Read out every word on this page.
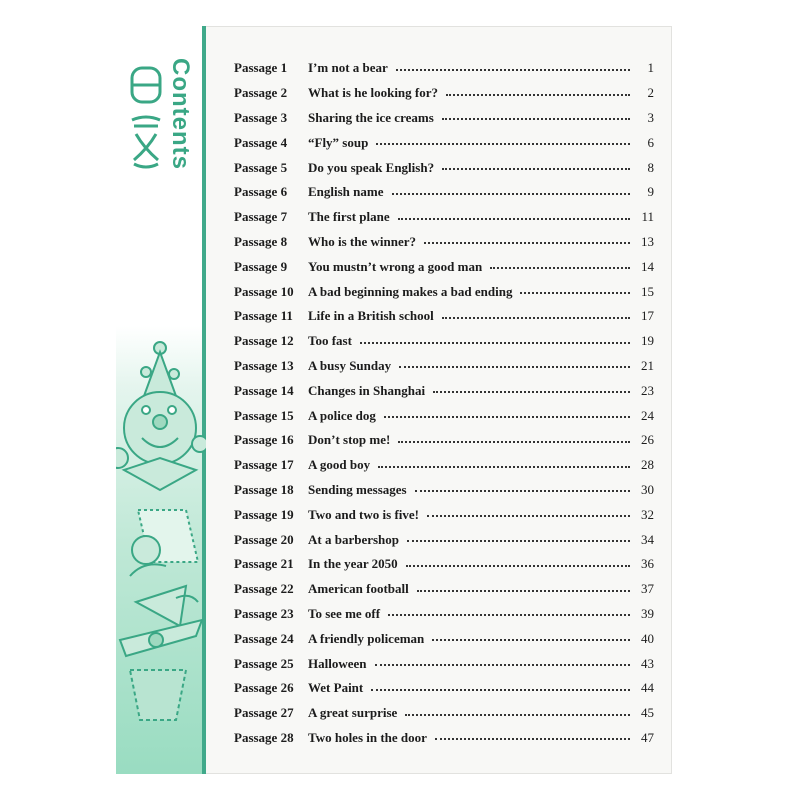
Contents	Passage 1	I’m not a bear	1
Passage 2	What is he looking for?	2
Passage 3	Sharing the ice creams	3
Passage 4	“Fly” soup	6
Passage 5	Do you speak English?	8
Passage 6	English name	9
Passage 7	The first plane	11
Passage 8	Who is the winner?	13
Passage 9	You mustn’t wrong a good man	14
Passage 10	A bad beginning makes a bad ending	15
Passage 11	Life in a British school	17
Passage 12	Too fast	19
Passage 13	A busy Sunday	21
Passage 14	Changes in Shanghai	23
Passage 15	A police dog	24
Passage 16	Don’t stop me!	26
Passage 17	A good boy	28
Passage 18	Sending messages	30
Passage 19	Two and two is five!	32
Passage 20	At a barbershop	34
Passage 21	In the year 2050	36
Passage 22	American football	37
Passage 23	To see me off	39
Passage 24	A friendly policeman	40
Passage 25	Halloween	43
Passage 26	Wet Paint	44
Passage 27	A great surprise	45
Passage 28	Two holes in the door	47
